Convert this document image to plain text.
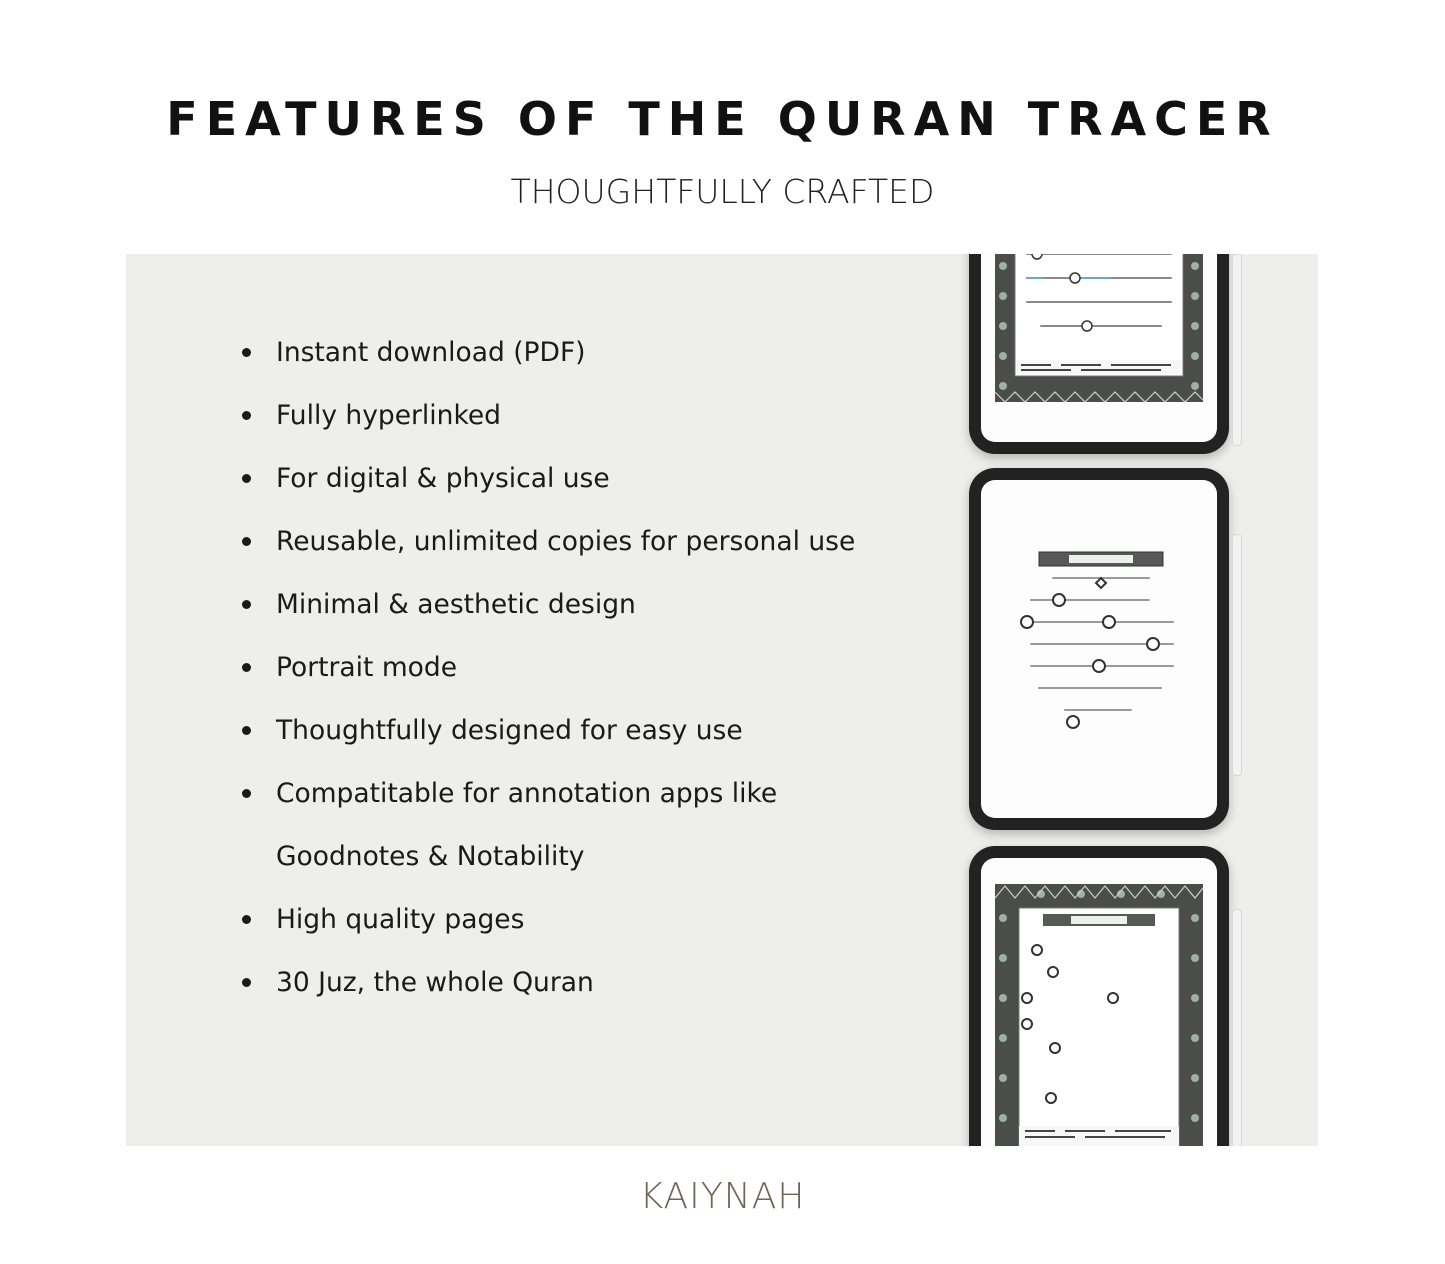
FEATURES OF THE QURAN TRACER
THOUGHTFULLY CRAFTED
Instant download (PDF)
Fully hyperlinked
For digital & physical use
Reusable, unlimited copies for personal use
Minimal & aesthetic design
Portrait mode
Thoughtfully designed for easy use
Compatitable for annotation apps like
Goodnotes & Notability
High quality pages
30 Juz, the whole Quran
KAIYNAH
